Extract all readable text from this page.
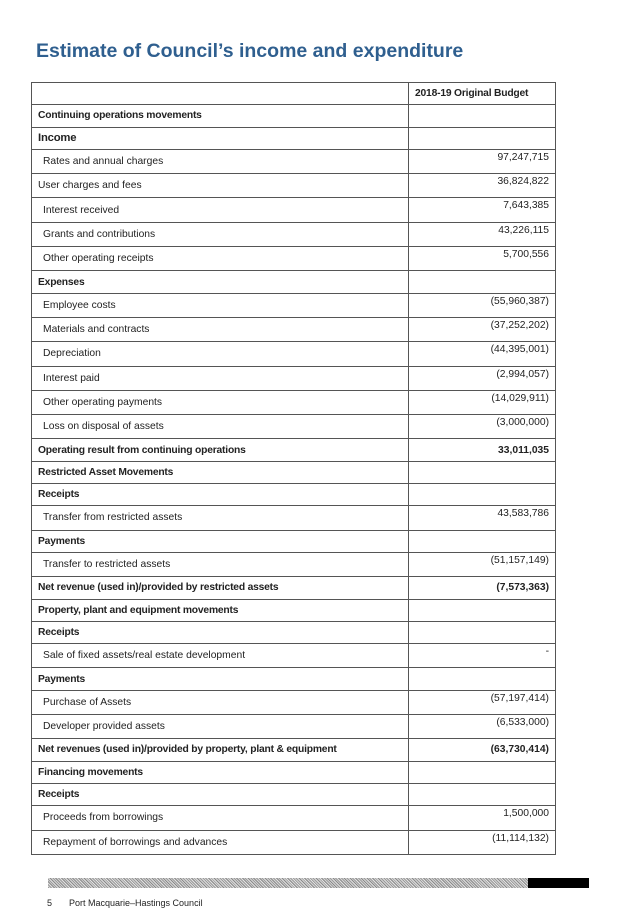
Estimate of Council’s income and expenditure
	2018-19 Original Budget
Continuing operations movements	
Income	
Rates and annual charges	97,247,715
User charges and fees	36,824,822
Interest received	7,643,385
Grants and contributions	43,226,115
Other operating receipts	5,700,556
Expenses	
Employee costs	(55,960,387)
Materials and contracts	(37,252,202)
Depreciation	(44,395,001)
Interest paid	(2,994,057)
Other operating payments	(14,029,911)
Loss on disposal of assets	(3,000,000)
Operating result from continuing operations	33,011,035
Restricted Asset Movements	
Receipts	
Transfer from restricted assets	43,583,786
Payments	
Transfer to restricted assets	(51,157,149)
Net revenue (used in)/provided by restricted assets	(7,573,363)
Property, plant and equipment movements	
Receipts	
Sale of fixed assets/real estate development	-
Payments	
Purchase of Assets	(57,197,414)
Developer provided assets	(6,533,000)
Net revenues (used in)/provided by property, plant & equipment	(63,730,414)
Financing movements	
Receipts	
Proceeds from borrowings	1,500,000
Repayment of borrowings and advances	(11,114,132)
5 Port Macquarie–Hastings Council
